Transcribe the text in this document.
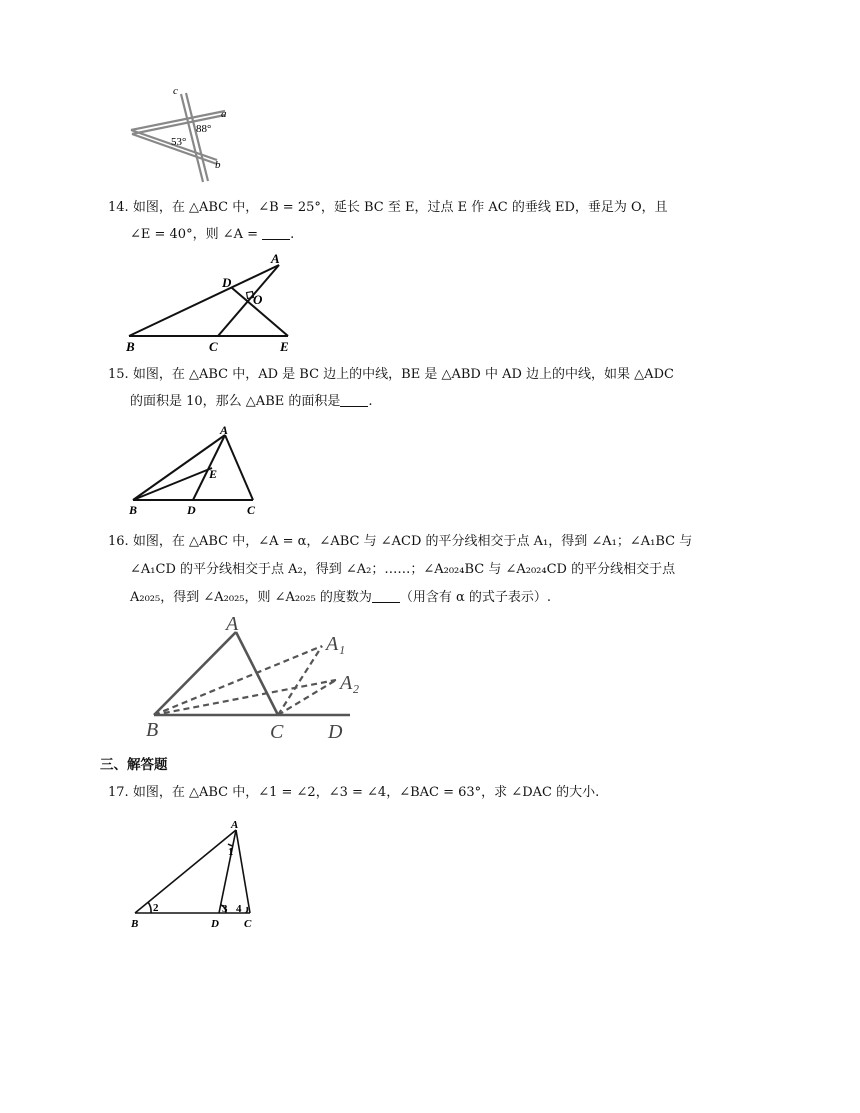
c
a
b
88°
53°
14. 如图，在 △ABC 中，∠B = 25°，延长 BC 至 E，过点 E 作 AC 的垂线 ED，垂足为 O，且
∠E = 40°，则 ∠A = .
A
D
O
B	C	E
15. 如图，在 △ABC 中，AD 是 BC 边上的中线，BE 是 △ABD 中 AD 边上的中线，如果 △ADC
的面积是 10，那么 △ABE 的面积是 .
A
E
B	D	C
16. 如图，在 △ABC 中，∠A = α，∠ABC 与 ∠ACD 的平分线相交于点 A₁，得到 ∠A₁；∠A₁BC 与
∠A₁CD 的平分线相交于点 A₂，得到 ∠A₂；……；∠A₂₀₂₄BC 与 ∠A₂₀₂₄CD 的平分线相交于点
A₂₀₂₅，得到 ∠A₂₀₂₅，则 ∠A₂₀₂₅ 的度数为 （用含有 α 的式子表示）.
A
A₁
A₂
B	C D
三、解答题
17. 如图，在 △ABC 中，∠1 = ∠2，∠3 = ∠4，∠BAC = 63°，求 ∠DAC 的大小.
A
1
2	3 4
B	D C
